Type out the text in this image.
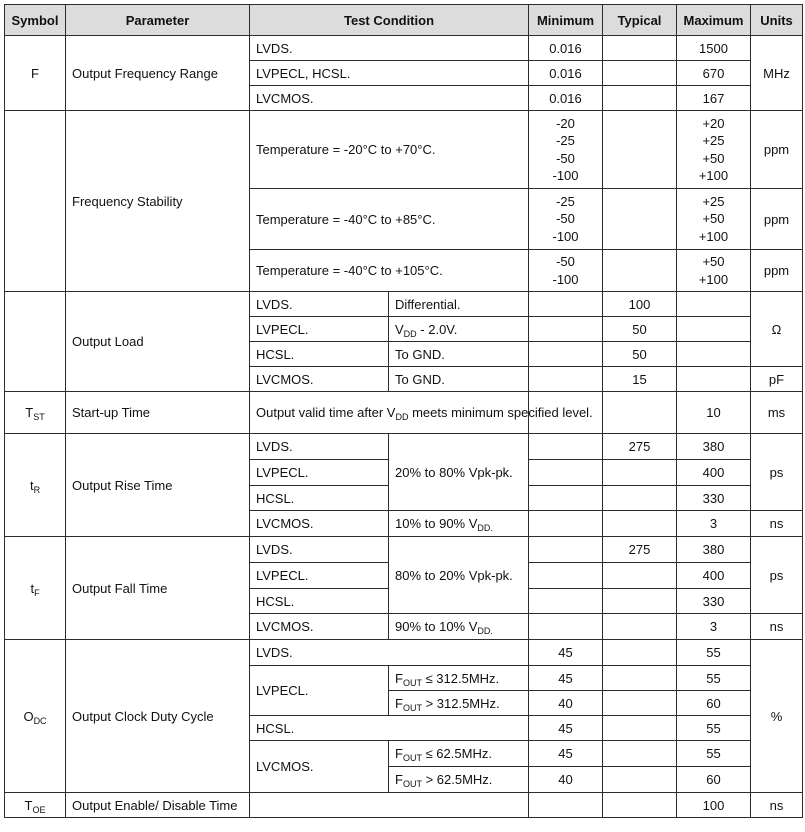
Symbol	Parameter	Test Condition		Minimum	Typical	Maximum	Units
F	Output Frequency Range	LVDS.		0.016		1500	MHz
		LVPECL, HCSL.		0.016		670	
		LVCMOS.		0.016		167	
	Frequency Stability	Temperature = -20°C to +70°C.		-20
-25
-50
-100		+20
+25
+50
+100	ppm
		Temperature = -40°C to +85°C.		-25
-50
-100		+25
+50
+100	ppm
		Temperature = -40°C to +105°C.		-50
-100		+50
+100	ppm
	Output Load	LVDS.	Differential.		100		Ω
		LVPECL.	$V_{DD} - 2.0V$.		50		
		HCSL.	To GND.		50		
		LVCMOS.	To GND.		15		pF
$T_{ST}$	Start-up Time	Output valid time after $V_{DD}$ meets minimum specified level.				10	ms
$t_R$	Output Rise Time	LVDS.	20% to 80% Vpk-pk.		275	380	ps
		LVPECL.				400	
		HCSL.				330	
		LVCMOS.	10% to 90% $V_{DD.}$			3	ns
$t_F$	Output Fall Time	LVDS.	80% to 20% Vpk-pk.		275	380	ps
		LVPECL.				400	
		HCSL.				330	
		LVCMOS.	90% to 10% $V_{DD.}$			3	ns
$O_{DC}$	Output Clock Duty Cycle	LVDS.		45		55	%
		LVPECL.	$F_{OUT} \le 312.5MHz$.	45		55	
			$F_{OUT} > 312.5MHz$.	40		60	
		HCSL.		45		55	
		LVCMOS.	$F_{OUT} \le 62.5MHz$.	45		55	
			$F_{OUT} > 62.5MHz$.	40		60	
$T_{OE}$	Output Enable/ Disable Time					100	ns
